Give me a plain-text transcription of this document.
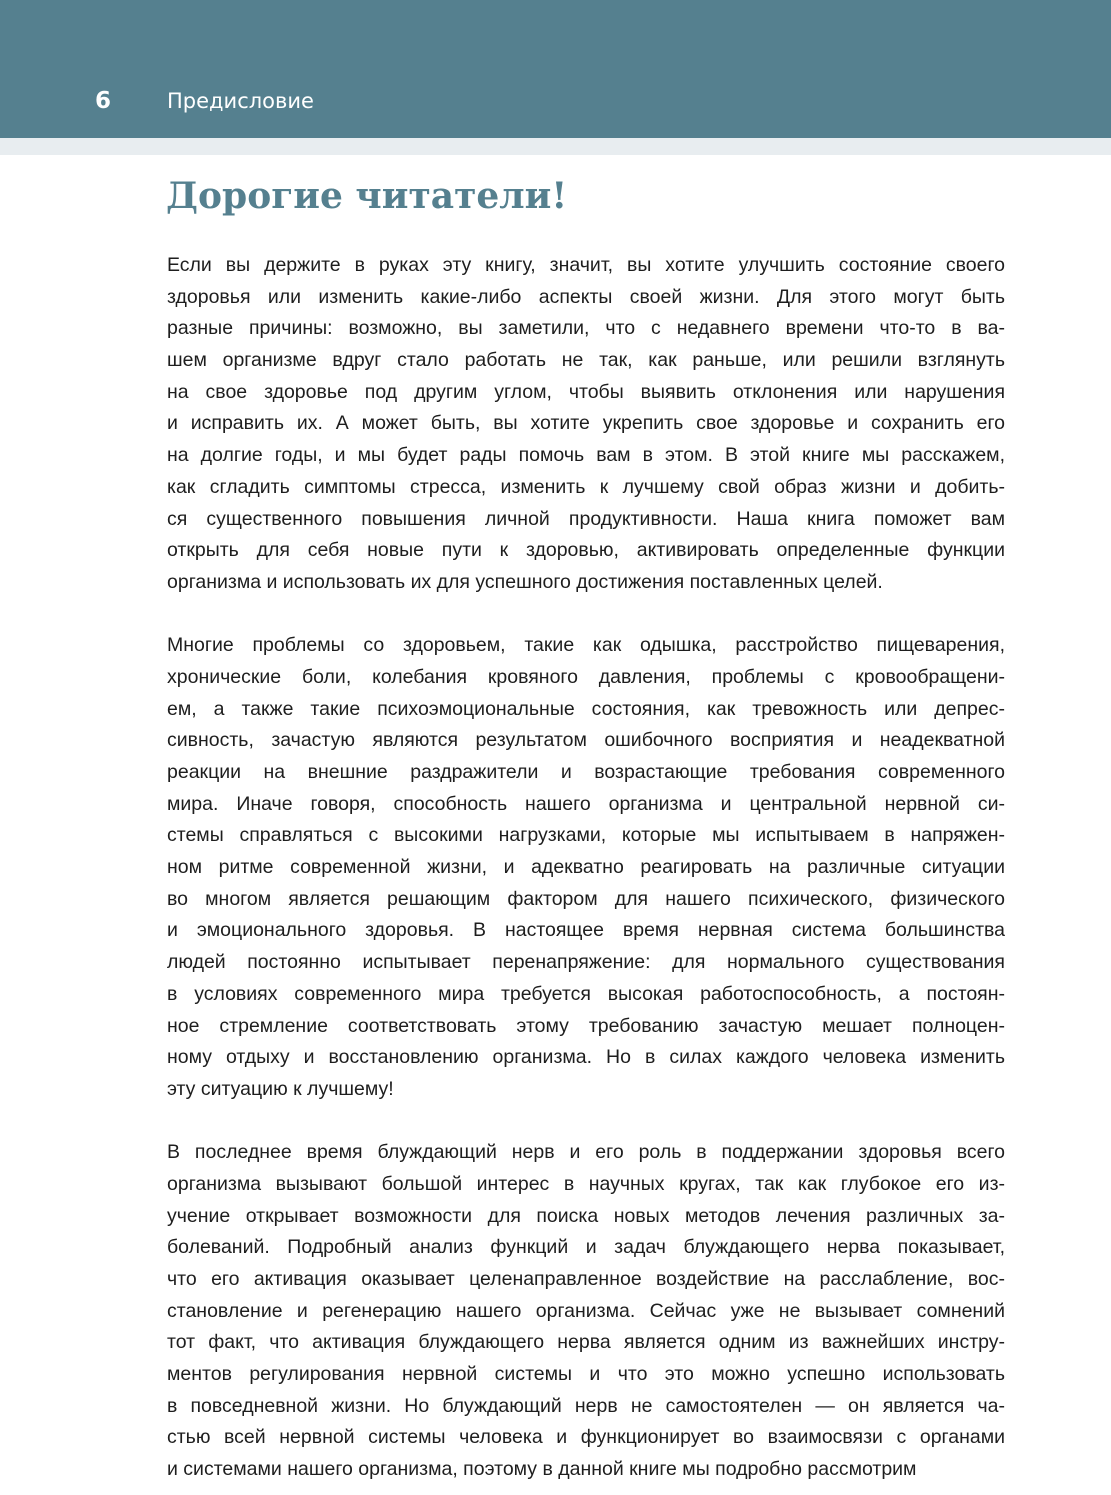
6	Предисловие
Дорогие читатели!
Если вы держите в руках эту книгу, значит, вы хотите улучшить состояние своего
здоровья или изменить какие-либо аспекты своей жизни. Для этого могут быть
разные причины: возможно, вы заметили, что с недавнего времени что-то в ва-
шем организме вдруг стало работать не так, как раньше, или решили взглянуть
на свое здоровье под другим углом, чтобы выявить отклонения или нарушения
и исправить их. А может быть, вы хотите укрепить свое здоровье и сохранить его
на долгие годы, и мы будет рады помочь вам в этом. В этой книге мы расскажем,
как сгладить симптомы стресса, изменить к лучшему свой образ жизни и добить-
ся существенного повышения личной продуктивности. Наша книга поможет вам
открыть для себя новые пути к здоровью, активировать определенные функции
организма и использовать их для успешного достижения поставленных целей.
Многие проблемы со здоровьем, такие как одышка, расстройство пищеварения,
хронические боли, колебания кровяного давления, проблемы с кровообращени-
ем, а также такие психоэмоциональные состояния, как тревожность или депрес-
сивность, зачастую являются результатом ошибочного восприятия и неадекватной
реакции на внешние раздражители и возрастающие требования современного
мира. Иначе говоря, способность нашего организма и центральной нервной си-
стемы справляться с высокими нагрузками, которые мы испытываем в напряжен-
ном ритме современной жизни, и адекватно реагировать на различные ситуации
во многом является решающим фактором для нашего психического, физического
и эмоционального здоровья. В настоящее время нервная система большинства
людей постоянно испытывает перенапряжение: для нормального существования
в условиях современного мира требуется высокая работоспособность, а постоян-
ное стремление соответствовать этому требованию зачастую мешает полноцен-
ному отдыху и восстановлению организма. Но в силах каждого человека изменить
эту ситуацию к лучшему!
В последнее время блуждающий нерв и его роль в поддержании здоровья всего
организма вызывают большой интерес в научных кругах, так как глубокое его из-
учение открывает возможности для поиска новых методов лечения различных за-
болеваний. Подробный анализ функций и задач блуждающего нерва показывает,
что его активация оказывает целенаправленное воздействие на расслабление, вос-
становление и регенерацию нашего организма. Сейчас уже не вызывает сомнений
тот факт, что активация блуждающего нерва является одним из важнейших инстру-
ментов регулирования нервной системы и что это можно успешно использовать
в повседневной жизни. Но блуждающий нерв не самостоятелен — он является ча-
стью всей нервной системы человека и функционирует во взаимосвязи с органами
и системами нашего организма, поэтому в данной книге мы подробно рассмотрим
